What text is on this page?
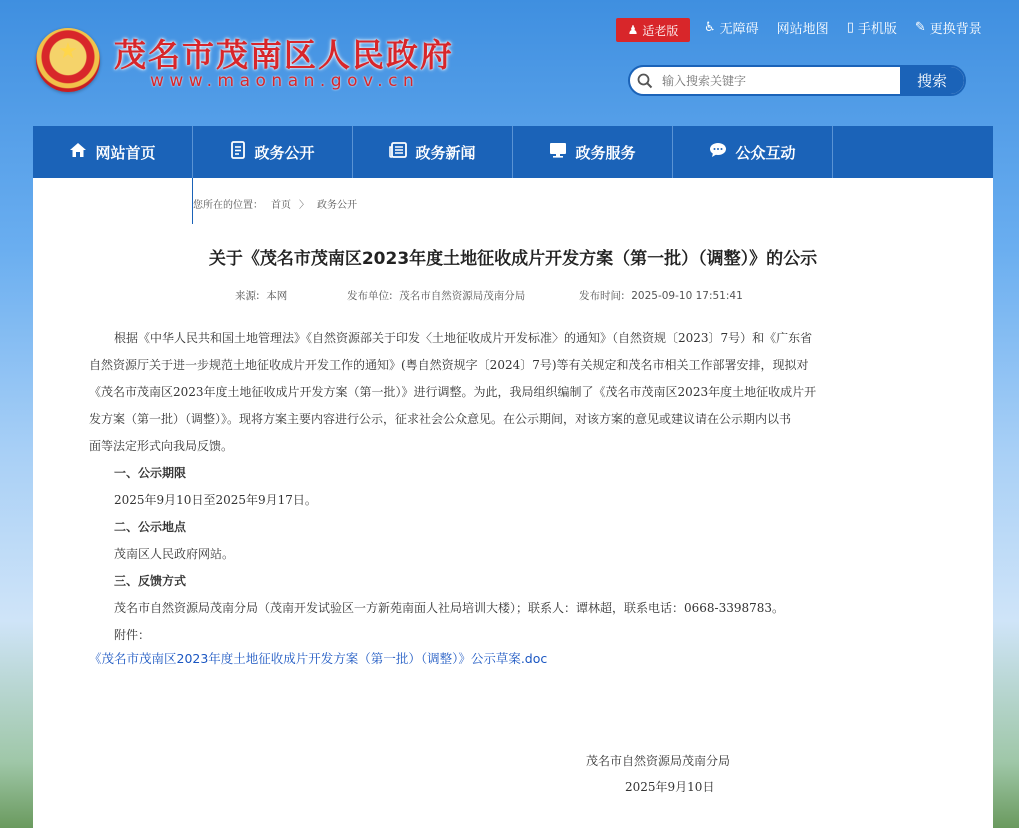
★	茂名市茂南区人民政府
www.maonan.gov.cn
♟ 适老版 ♿ 无障碍 网站地图 ▯ 手机版 ✎ 更换背景
输入搜索关键字
搜索
网站首页	政务公开	政务新闻	政务服务	公众互动
您所在的位置： 首页 〉 政务公开
关于《茂名市茂南区2023年度土地征收成片开发方案（第一批）（调整）》的公示
来源: 本网	发布单位: 茂名市自然资源局茂南分局	发布时间: 2025-09-10 17:51:41

根据《中华人民共和国土地管理法》《自然资源部关于印发〈土地征收成片开发标准〉的通知》（自然资规〔2023〕7号）和《广东省

自然资源厅关于进一步规范土地征收成片开发工作的通知》(粤自然资规字〔2024〕7号)等有关规定和茂名市相关工作部署安排，现拟对

《茂名市茂南区2023年度土地征收成片开发方案（第一批）》进行调整。为此，我局组织编制了《茂名市茂南区2023年度土地征收成片开

发方案（第一批）（调整）》。现将方案主要内容进行公示，征求社会公众意见。在公示期间，对该方案的意见或建议请在公示期内以书

面等法定形式向我局反馈。

一、公示期限

2025年9月10日至2025年9月17日。

二、公示地点

茂南区人民政府网站。

三、反馈方式

茂名市自然资源局茂南分局（茂南开发试验区一方新苑南面人社局培训大楼）；联系人：谭林超，联系电话：0668-3398783。

附件：

《茂名市茂南区2023年度土地征收成片开发方案（第一批）（调整）》公示草案.doc
茂名市自然资源局茂南分局
2025年9月10日
茂名在线
WWW.GDMM.COM
